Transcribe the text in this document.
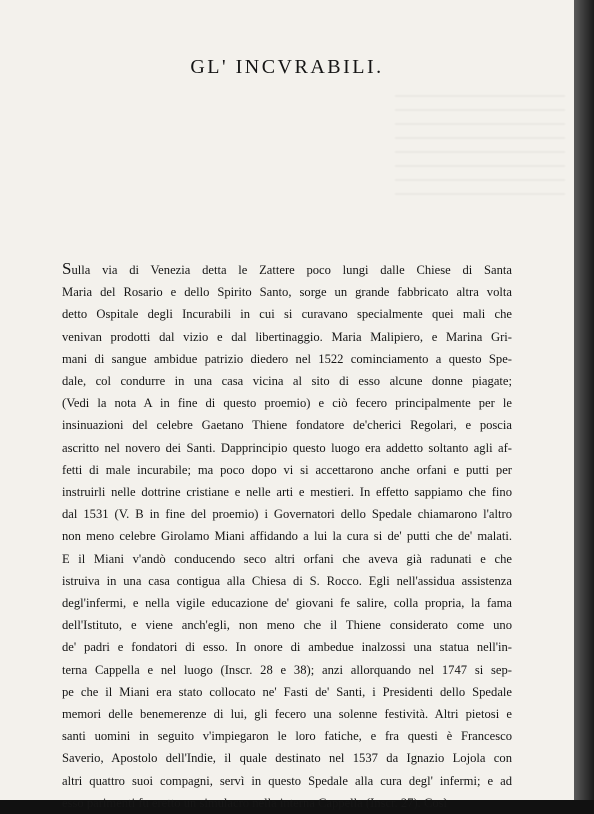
GL' INCVRABILI.
Sulla via di Venezia detta le Zattere poco lungi dalle Chiese di Santa
Maria del Rosario e dello Spirito Santo, sorge un grande fabbricato altra volta
detto Ospitale degli Incurabili in cui si curavano specialmente quei mali che
venivan prodotti dal vizio e dal libertinaggio. Maria Malipiero, e Marina Gri-
mani di sangue ambidue patrizio diedero nel 1522 cominciamento a questo Spe-
dale, col condurre in una casa vicina al sito di esso alcune donne piagate;
(Vedi la nota A in fine di questo proemio) e ciò fecero principalmente per le
insinuazioni del celebre Gaetano Thiene fondatore de'cherici Regolari, e poscia
ascritto nel novero dei Santi. Dapprincipio questo luogo era addetto soltanto agli af-
fetti di male incurabile; ma poco dopo vi si accettarono anche orfani e putti per
instruirli nelle dottrine cristiane e nelle arti e mestieri. In effetto sappiamo che fino
dal 1531 (V. B in fine del proemio) i Governatori dello Spedale chiamarono l'altro
non meno celebre Girolamo Miani affidando a lui la cura si de' putti che de' malati.
E il Miani v'andò conducendo seco altri orfani che aveva già radunati e che
istruiva in una casa contigua alla Chiesa di S. Rocco. Egli nell'assidua assistenza
degl'infermi, e nella vigile educazione de' giovani fe salire, colla propria, la fama
dell'Istituto, e viene anch'egli, non meno che il Thiene considerato come uno
de' padri e fondatori di esso. In onore di ambedue inalzossi una statua nell'in-
terna Cappella e nel luogo (Inscr. 28 e 38); anzi allorquando nel 1747 si sep-
pe che il Miani era stato collocato ne' Fasti de' Santi, i Presidenti dello Spedale
memori delle benemerenze di lui, gli fecero una solenne festività. Altri pietosi e
santi uomini in seguito v'impiegaron le loro fatiche, e fra questi è Francesco
Saverio, Apostolo dell'Indie, il quale destinato nel 1537 da Ignazio Lojola con
altri quattro suoi compagni, servì in questo Spedale alla cura degl' infermi; e ad
esso parimenti fu eretto un simulacro nella interna Cappella (Inscr. 27). Così
